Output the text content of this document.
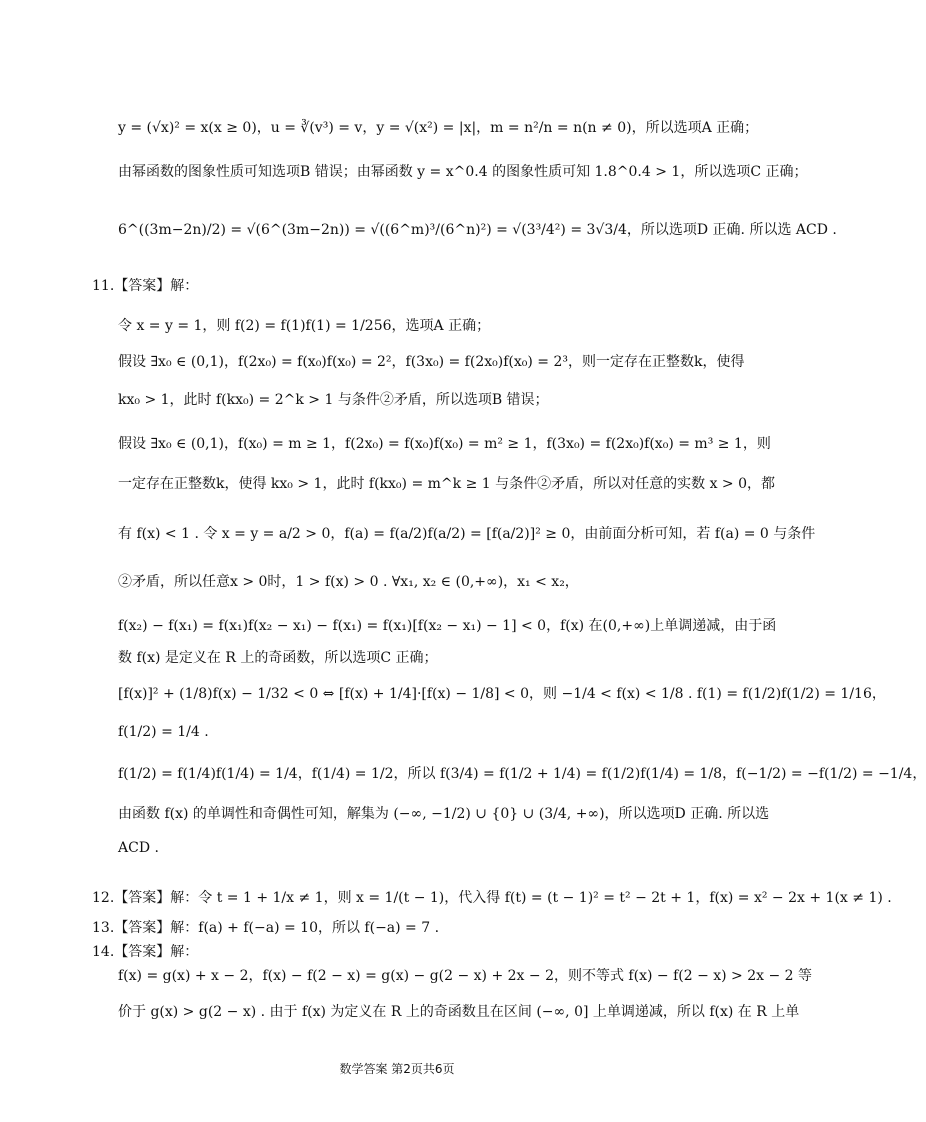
y = (√x)² = x(x ≥ 0)，u = ∛(v³) = v，y = √(x²) = |x|，m = n²/n = n(n ≠ 0)，所以选项A 正确；
由幂函数的图象性质可知选项B 错误；由幂函数 y = x^0.4 的图象性质可知 1.8^0.4 > 1，所以选项C 正确；
6^((3m−2n)/2) = √(6^(3m−2n)) = √((6^m)³/(6^n)²) = √(3³/4²) = 3√3/4，所以选项D 正确. 所以选 ACD .
11.【答案】解：
令 x = y = 1，则 f(2) = f(1)f(1) = 1/256，选项A 正确；
假设 ∃x₀ ∈ (0,1)，f(2x₀) = f(x₀)f(x₀) = 2²，f(3x₀) = f(2x₀)f(x₀) = 2³，则一定存在正整数k，使得
kx₀ > 1，此时 f(kx₀) = 2^k > 1 与条件②矛盾，所以选项B 错误；
假设 ∃x₀ ∈ (0,1)，f(x₀) = m ≥ 1，f(2x₀) = f(x₀)f(x₀) = m² ≥ 1，f(3x₀) = f(2x₀)f(x₀) = m³ ≥ 1，则
一定存在正整数k，使得 kx₀ > 1，此时 f(kx₀) = m^k ≥ 1 与条件②矛盾，所以对任意的实数 x > 0，都
有 f(x) < 1 . 令 x = y = a/2 > 0，f(a) = f(a/2)f(a/2) = [f(a/2)]² ≥ 0，由前面分析可知，若 f(a) = 0 与条件
②矛盾，所以任意x > 0时，1 > f(x) > 0 . ∀x₁, x₂ ∈ (0,+∞)，x₁ < x₂，
f(x₂) − f(x₁) = f(x₁)f(x₂ − x₁) − f(x₁) = f(x₁)[f(x₂ − x₁) − 1] < 0，f(x) 在(0,+∞)上单调递减，由于函
数 f(x) 是定义在 R 上的奇函数，所以选项C 正确；
[f(x)]² + (1/8)f(x) − 1/32 < 0 ⇔ [f(x) + 1/4]·[f(x) − 1/8] < 0，则 −1/4 < f(x) < 1/8 . f(1) = f(1/2)f(1/2) = 1/16，
f(1/2) = 1/4 .
f(1/2) = f(1/4)f(1/4) = 1/4，f(1/4) = 1/2，所以 f(3/4) = f(1/2 + 1/4) = f(1/2)f(1/4) = 1/8，f(−1/2) = −f(1/2) = −1/4，
由函数 f(x) 的单调性和奇偶性可知，解集为 (−∞, −1/2) ∪ {0} ∪ (3/4, +∞)，所以选项D 正确. 所以选
ACD .
12.【答案】解：令 t = 1 + 1/x ≠ 1，则 x = 1/(t − 1)，代入得 f(t) = (t − 1)² = t² − 2t + 1，f(x) = x² − 2x + 1(x ≠ 1) .
13.【答案】解：f(a) + f(−a) = 10，所以 f(−a) = 7 .
14.【答案】解：
f(x) = g(x) + x − 2，f(x) − f(2 − x) = g(x) − g(2 − x) + 2x − 2，则不等式 f(x) − f(2 − x) > 2x − 2 等
价于 g(x) > g(2 − x) . 由于 f(x) 为定义在 R 上的奇函数且在区间 (−∞, 0] 上单调递减，所以 f(x) 在 R 上单
数学答案 第2页共6页
